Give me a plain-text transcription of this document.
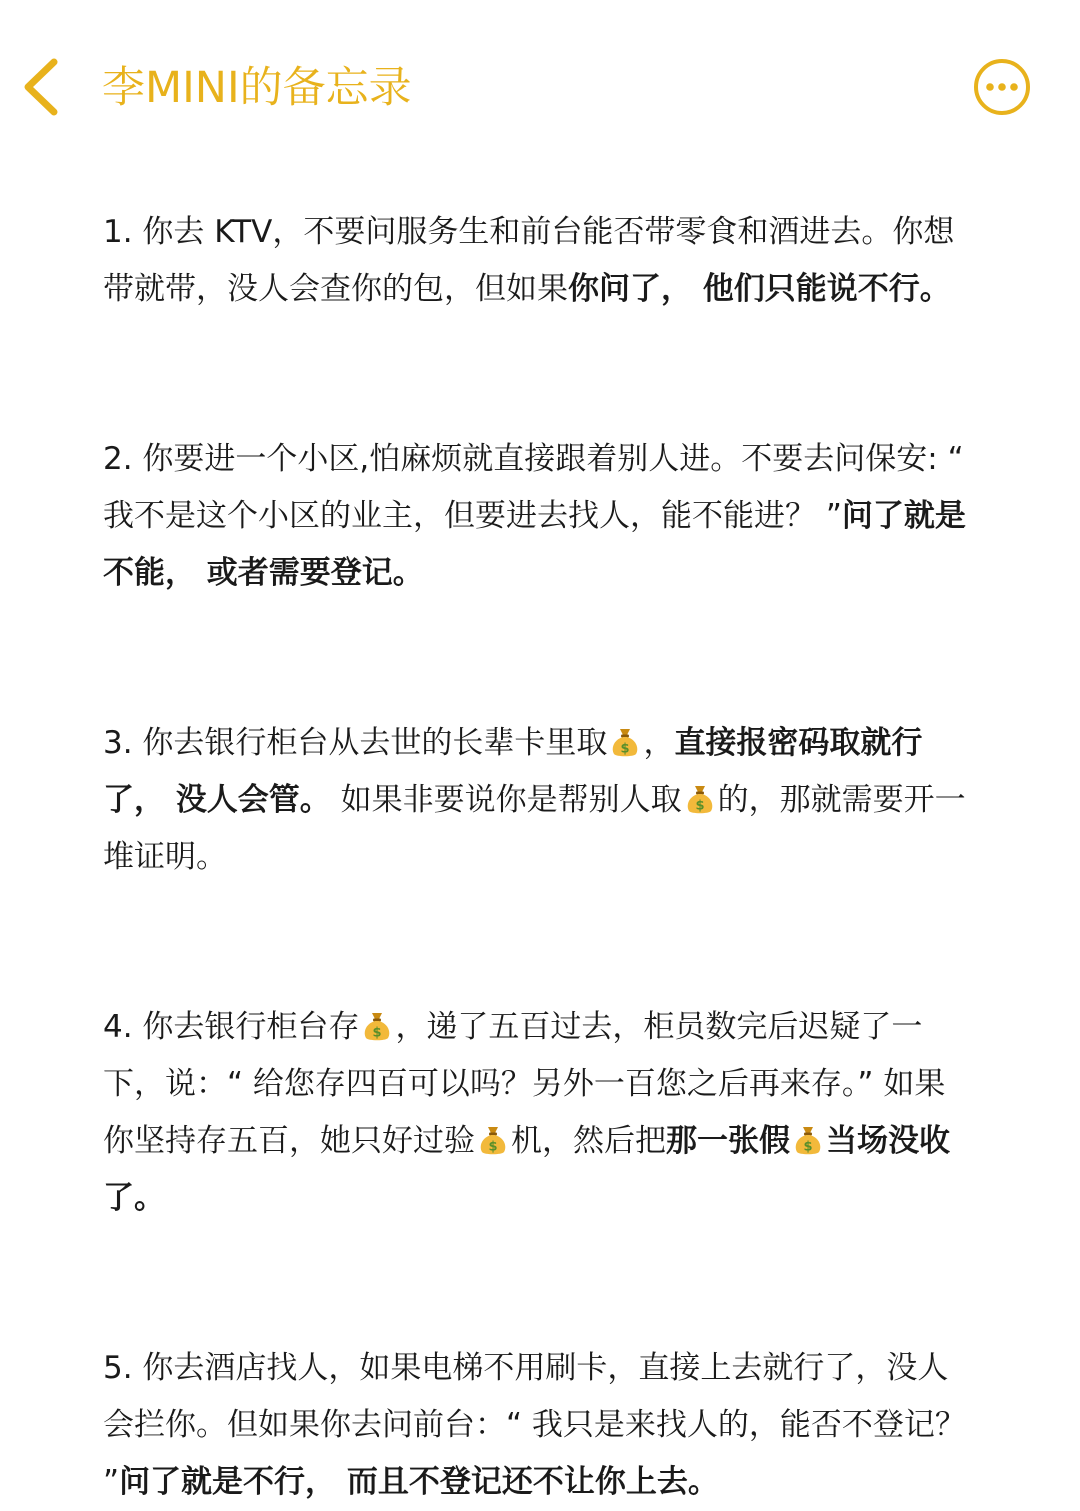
李MINI的备忘录

1. 你去 KTV，不要问服务生和前台能否带零食和酒进去。你想带就带，没人会查你的包，但如果你问了， 他们只能说不行。

2. 你要进一个小区,怕麻烦就直接跟着别人进。不要去问保安: “ 我不是这个小区的业主，但要进去找人，能不能进？ ”问了就是不能， 或者需要登记。

3. 你去银行柜台从去世的长辈卡里取 $ ，直接报密码取就行了， 没人会管。 如果非要说你是帮别人取 $ 的，那就需要开一堆证明。

4. 你去银行柜台存 $ ，递了五百过去，柜员数完后迟疑了一下，说：“ 给您存四百可以吗？另外一百您之后再来存。” 如果你坚持存五百，她只好过验 $ 机，然后把那一张假 $ 当场没收了。

5. 你去酒店找人，如果电梯不用刷卡，直接上去就行了，没人会拦你。但如果你去问前台：“ 我只是来找人的，能否不登记？ ”问了就是不行， 而且不登记还不让你上去。
